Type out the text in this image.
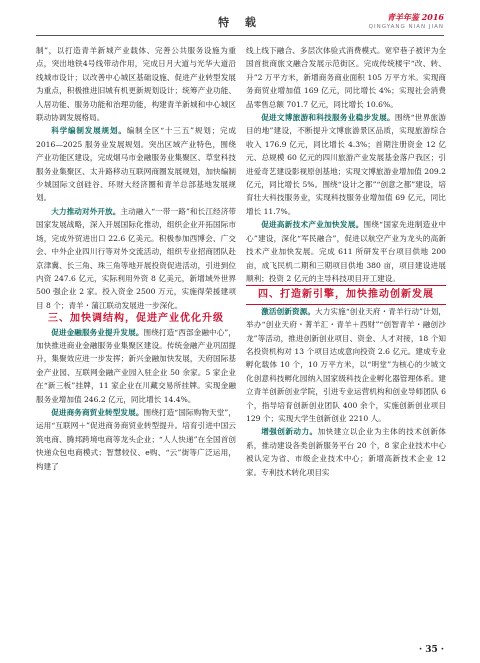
特 载	青羊年鉴 2016
QINGYANG NIAN JIAN

制”，以打造青羊新城产业载体、完善公共服务设施为重点，突出地铁4号线带动作用，完成日月大道与光华大道沿线城市设计；以改善中心城区基础设施、促进产业转型发展为重点，积极推进旧城有机更新规划设计；统筹产业功能、人居功能、服务功能和治理功能，构建青羊新城和中心城区联动协调发展格局。

科学编制发展规划。编制全区“十三五”规划；完成 2016—2025 服务业发展规划。突出区域产业特色，围绕产业功能区建设，完成烟马市金融服务业集聚区、草堂科技服务业集聚区、太升路移动互联网商圈发展规划，加快编制少城国际文创硅谷、环财大经济圈和青羊总部基地发展规划。

大力推动对外开放。主动融入“一带一路”和长江经济带国家发展战略，深入开展国际化推动，组织企业开拓国际市场，完成外贸进出口 22.6 亿美元。积极参加西博会、广交会、中外企业四川行等对外交流活动，组织专业招商团队赴京津冀、长三角、珠三角等地开展投资促进活动，引进到位内资 247.6 亿元，实际利用外资 8 亿美元，新增域外世界 500 强企业 2 家。投入资金 2500 万元，实施得荣援建项目 8 个；青羊・蒲江联动发展进一步深化。

三、加快调结构，促进产业优化升级

促进金融服务业提升发展。围绕打造“西部金融中心”，加快推进商业金融服务业集聚区建设。传统金融产业巩固提升，集聚效应进一步发挥；新兴金融加快发展，天府国际基金产业园、互联网金融产业园入驻企业 50 余家。5 家企业在“新三板”挂牌，11 家企业在川藏交易所挂牌。实现金融服务业增加值 246.2 亿元，同比增长 14.4%。

促进商务商贸业转型发展。围绕打造“国际购物天堂”，运用“互联网＋”促进商务商贸业转型提升。培育引进中国云筑电商、腾邦跨境电商等龙头企业；“人人快递”在全国首创快递众包电商模式；智慧较仪、e购、“云”街等广泛运用，构建了

线上线下融合、多层次体验式消费模式。宽窄巷子被评为全国首批商旅文融合发展示范街区。完成传统楼宇“改、转、升”2 万平方米，新增商务商业面积 105 万平方米。实现商务商贸业增加值 169 亿元，同比增长 4%；实现社会消费品零售总额 701.7 亿元，同比增长 10.6%。

促进文博旅游和科技服务业稳步发展。围绕“世界旅游目的地”建设，不断提升文博旅游景区品质，实现旅游综合收入 176.9 亿元，同比增长 4.3%；首期注册资金 12 亿元、总规模 60 亿元的四川旅游产业发展基金落户我区；引进爱奇艺建设影视原创基地；实现文博旅游业增加值 209.2 亿元，同比增长 5%。围绕“设计之都”“创意之都”建设，培育壮大科技服务业，实现科技服务业增加值 69 亿元，同比增长 11.7%。

促进高新技术产业加快发展。围绕“国家先进制造业中心”建设，深化“军民融合”，促进以航空产业为龙头的高新技术产业加快发展。完成 611 所研发平台项目供地 200 亩，成飞民机二期和三期项目供地 380 亩，项目建设进展顺利；投资 2 亿元的主导科技项目开工建设。

四、打造新引擎，加快推动创新发展

激活创新资源。大力实施“创业天府・青羊行动”计划，举办“创业天府・菁羊汇・青羊＋西财”“创智青羊・融创沙龙”等活动，推进创新创业项目、资金、人才对接，18 个知名投资机构对 13 个项目达成意向投资 2.6 亿元。建成专业孵化载体 10 个，10 万平方米，以“明堂”为核心的少城文化创意科技孵化园纳入国家级科技企业孵化器管理体系。建立青羊创新创业学院，引进专业运营机构和创业导师团队 6 个，指导培育创新创业团队 400 余个，实施创新创业项目 129 个；实现大学生创新创业 2210 人。

增强创新动力。加快建立以企业为主体的技术创新体系，推动建设各类创新服务平台 20 个，8 家企业技术中心被认定为省、市级企业技术中心；新增高新技术企业 12 家。专利技术转化项目实

· 35 ·
